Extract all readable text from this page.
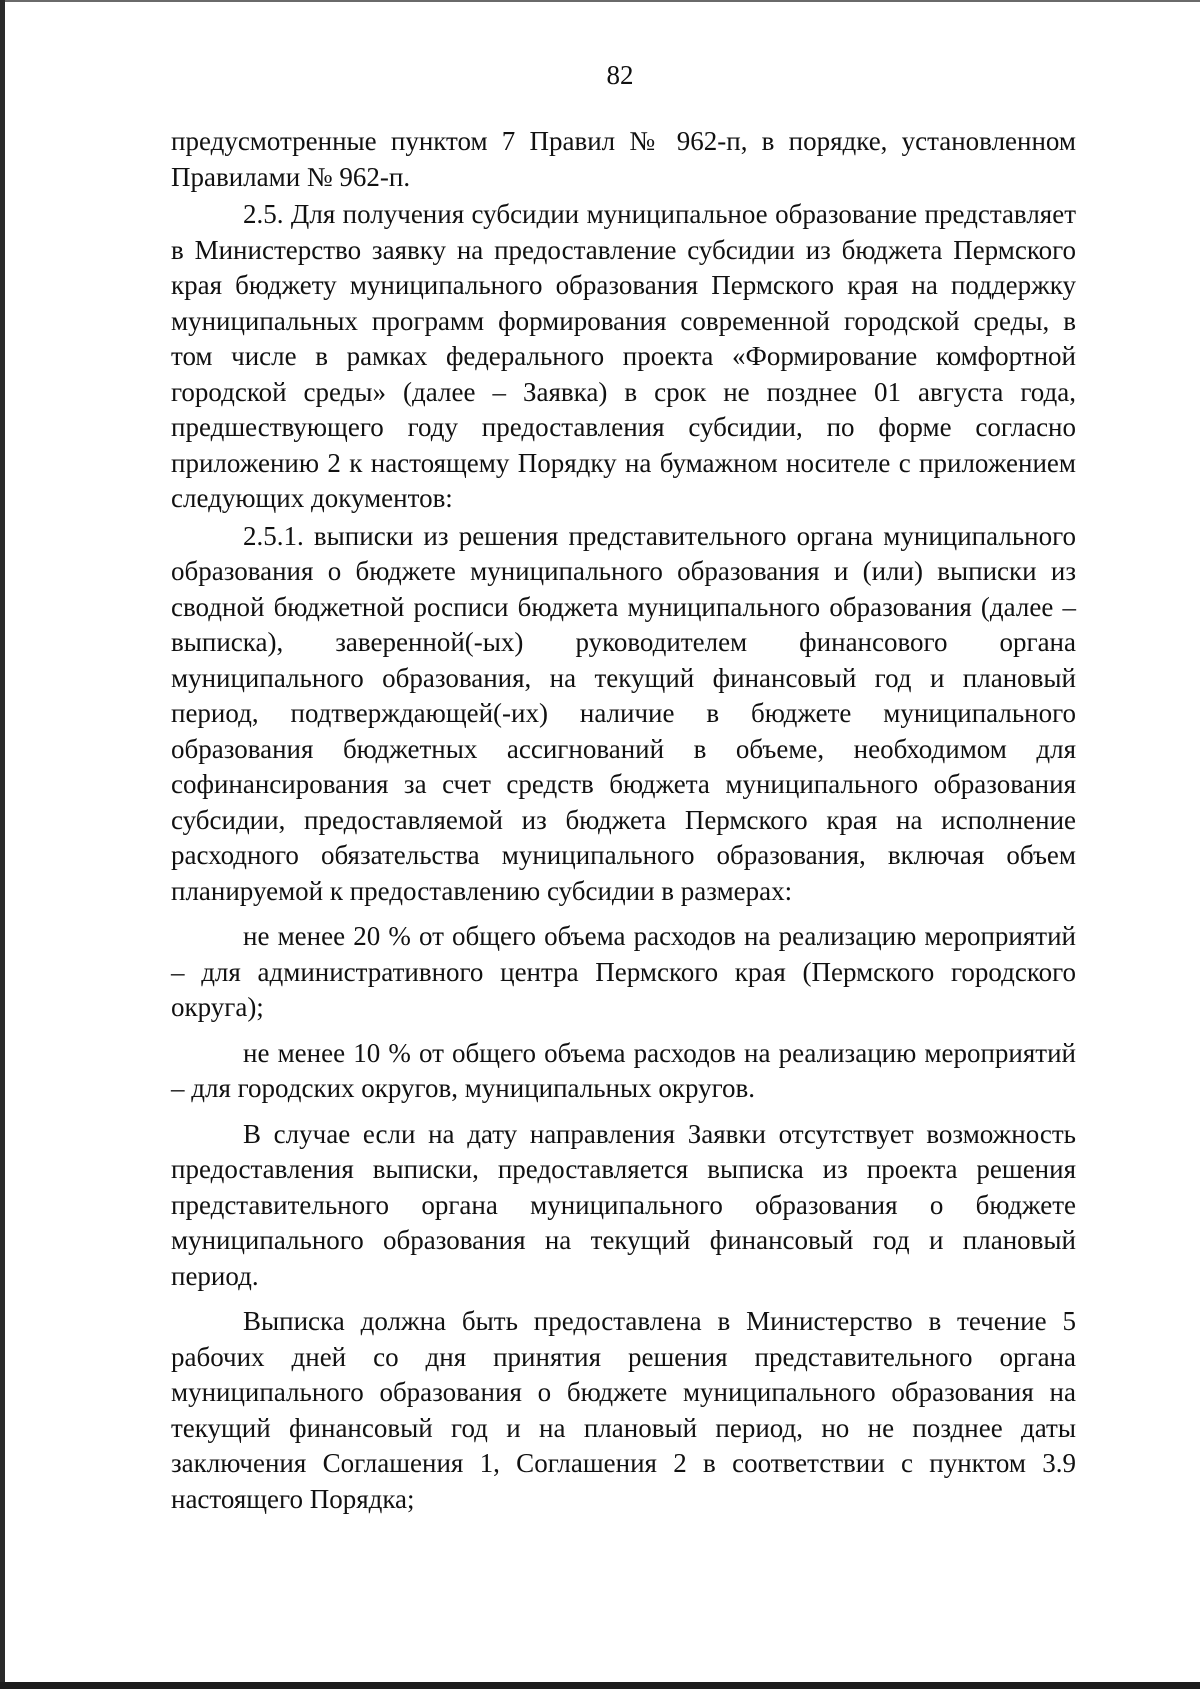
82

предусмотренные пунктом 7 Правил № 962-п, в порядке, установленном Правилами № 962-п.

2.5. Для получения субсидии муниципальное образование представляет в Министерство заявку на предоставление субсидии из бюджета Пермского края бюджету муниципального образования Пермского края на поддержку муниципальных программ формирования современной городской среды, в том числе в рамках федерального проекта «Формирование комфортной городской среды» (далее – Заявка) в срок не позднее 01 августа года, предшествующего году предоставления субсидии, по форме согласно приложению 2 к настоящему Порядку на бумажном носителе с приложением следующих документов:

2.5.1. выписки из решения представительного органа муниципального образования о бюджете муниципального образования и (или) выписки из сводной бюджетной росписи бюджета муниципального образования (далее – выписка), заверенной(-ых) руководителем финансового органа муниципального образования, на текущий финансовый год и плановый период, подтверждающей(-их) наличие в бюджете муниципального образования бюджетных ассигнований в объеме, необходимом для софинансирования за счет средств бюджета муниципального образования субсидии, предоставляемой из бюджета Пермского края на исполнение расходного обязательства муниципального образования, включая объем планируемой к предоставлению субсидии в размерах:

не менее 20 % от общего объема расходов на реализацию мероприятий – для административного центра Пермского края (Пермского городского округа);

не менее 10 % от общего объема расходов на реализацию мероприятий – для городских округов, муниципальных округов.

В случае если на дату направления Заявки отсутствует возможность предоставления выписки, предоставляется выписка из проекта решения представительного органа муниципального образования о бюджете муниципального образования на текущий финансовый год и плановый период.

Выписка должна быть предоставлена в Министерство в течение 5 рабочих дней со дня принятия решения представительного органа муниципального образования о бюджете муниципального образования на текущий финансовый год и на плановый период, но не позднее даты заключения Соглашения 1, Соглашения 2 в соответствии с пунктом 3.9 настоящего Порядка;
